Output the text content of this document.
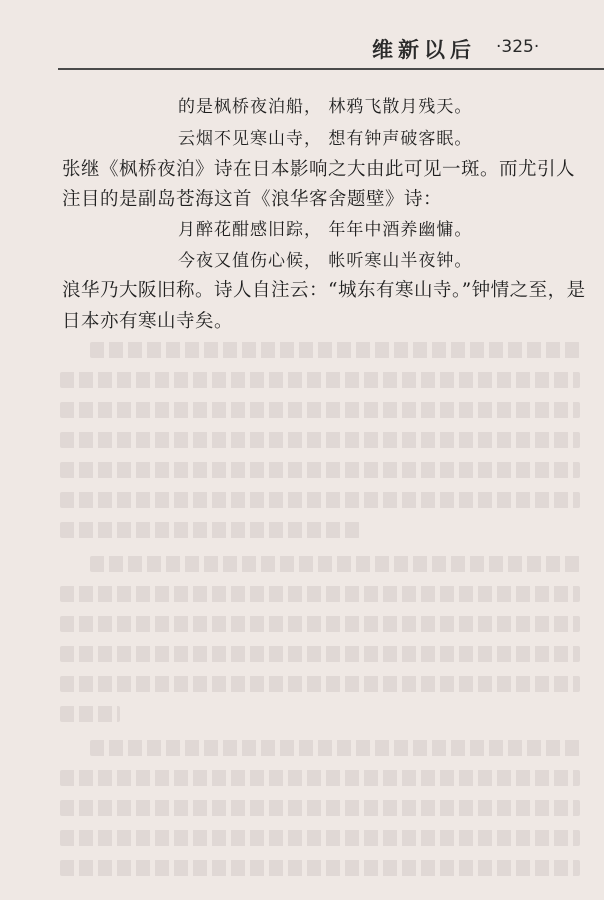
维新以后 ·325·
的是枫桥夜泊船， 林鸦飞散月残天。
云烟不见寒山寺， 想有钟声破客眠。
张继《枫桥夜泊》诗在日本影响之大由此可见一斑。而尤引人
注目的是副岛苍海这首《浪华客舍题壁》诗：
月醉花酣感旧踪， 年年中酒养幽慵。
今夜又值伤心候， 帐听寒山半夜钟。
浪华乃大阪旧称。诗人自注云：“城东有寒山寺。”钟情之至，是
日本亦有寒山寺矣。
